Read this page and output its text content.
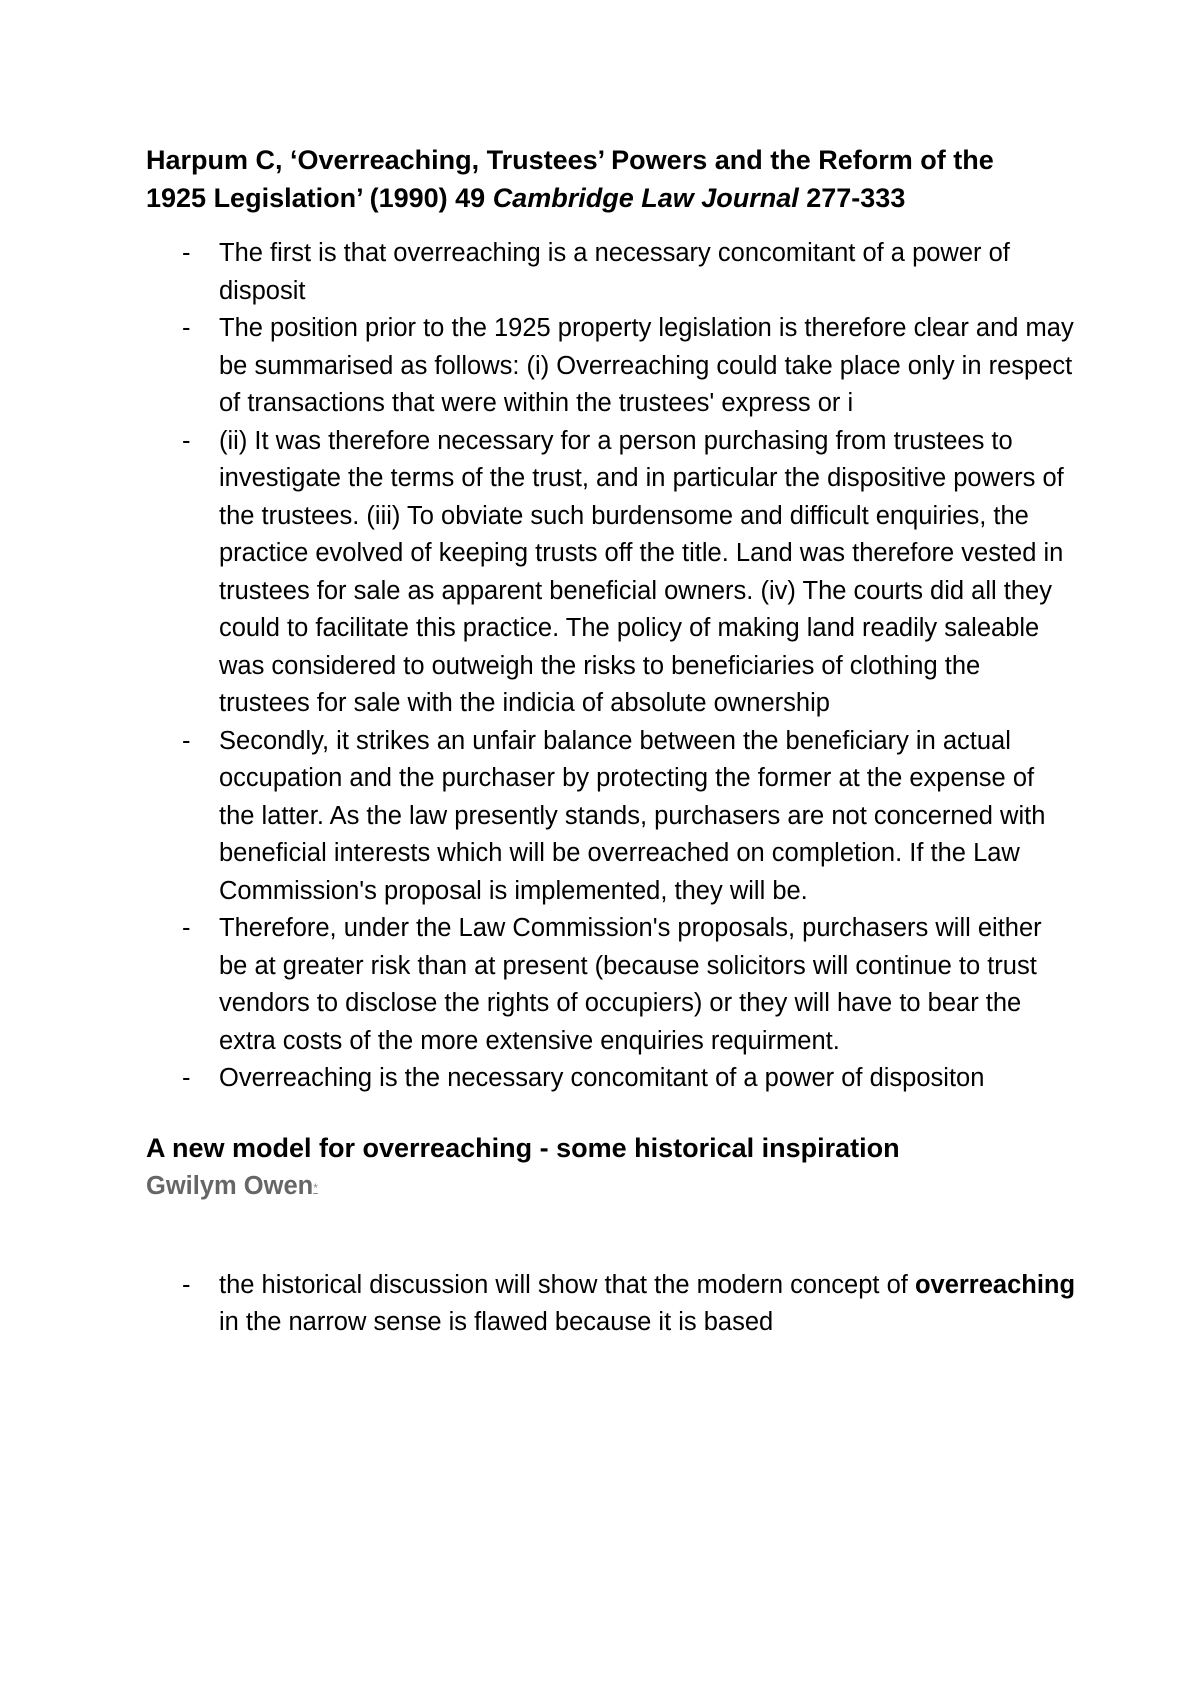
Harpum C, ‘Overreaching, Trustees’ Powers and the Reform of the
1925 Legislation’ (1990) 49 Cambridge Law Journal 277-333

- The first is that overreaching is a necessary concomitant of a power of disposit
- The position prior to the 1925 property legislation is therefore clear and may be summarised as follows: (i) Overreaching could take place only in respect of transactions that were within the trustees' express or i
- (ii) It was therefore necessary for a person purchasing from trustees to investigate the terms of the trust, and in particular the dispositive powers of the trustees. (iii) To obviate such burdensome and difficult enquiries, the practice evolved of keeping trusts off the title. Land was therefore vested in trustees for sale as apparent beneficial owners. (iv) The courts did all they could to facilitate this practice. The policy of making land readily saleable was considered to outweigh the risks to beneficiaries of clothing the trustees for sale with the indicia of absolute ownership
- Secondly, it strikes an unfair balance between the beneficiary in actual occupation and the purchaser by protecting the former at the expense of the latter. As the law presently stands, purchasers are not concerned with beneficial interests which will be overreached on completion. If the Law Commission's proposal is implemented, they will be.
- Therefore, under the Law Commission's proposals, purchasers will either be at greater risk than at present (because solicitors will continue to trust vendors to disclose the rights of occupiers) or they will have to bear the extra costs of the more extensive enquiries requirment.
- Overreaching is the necessary concomitant of a power of dispositon

A new model for overreaching - some historical inspiration

Gwilym Owen*

- the historical discussion will show that the modern concept of overreaching in the narrow sense is flawed because it is based
